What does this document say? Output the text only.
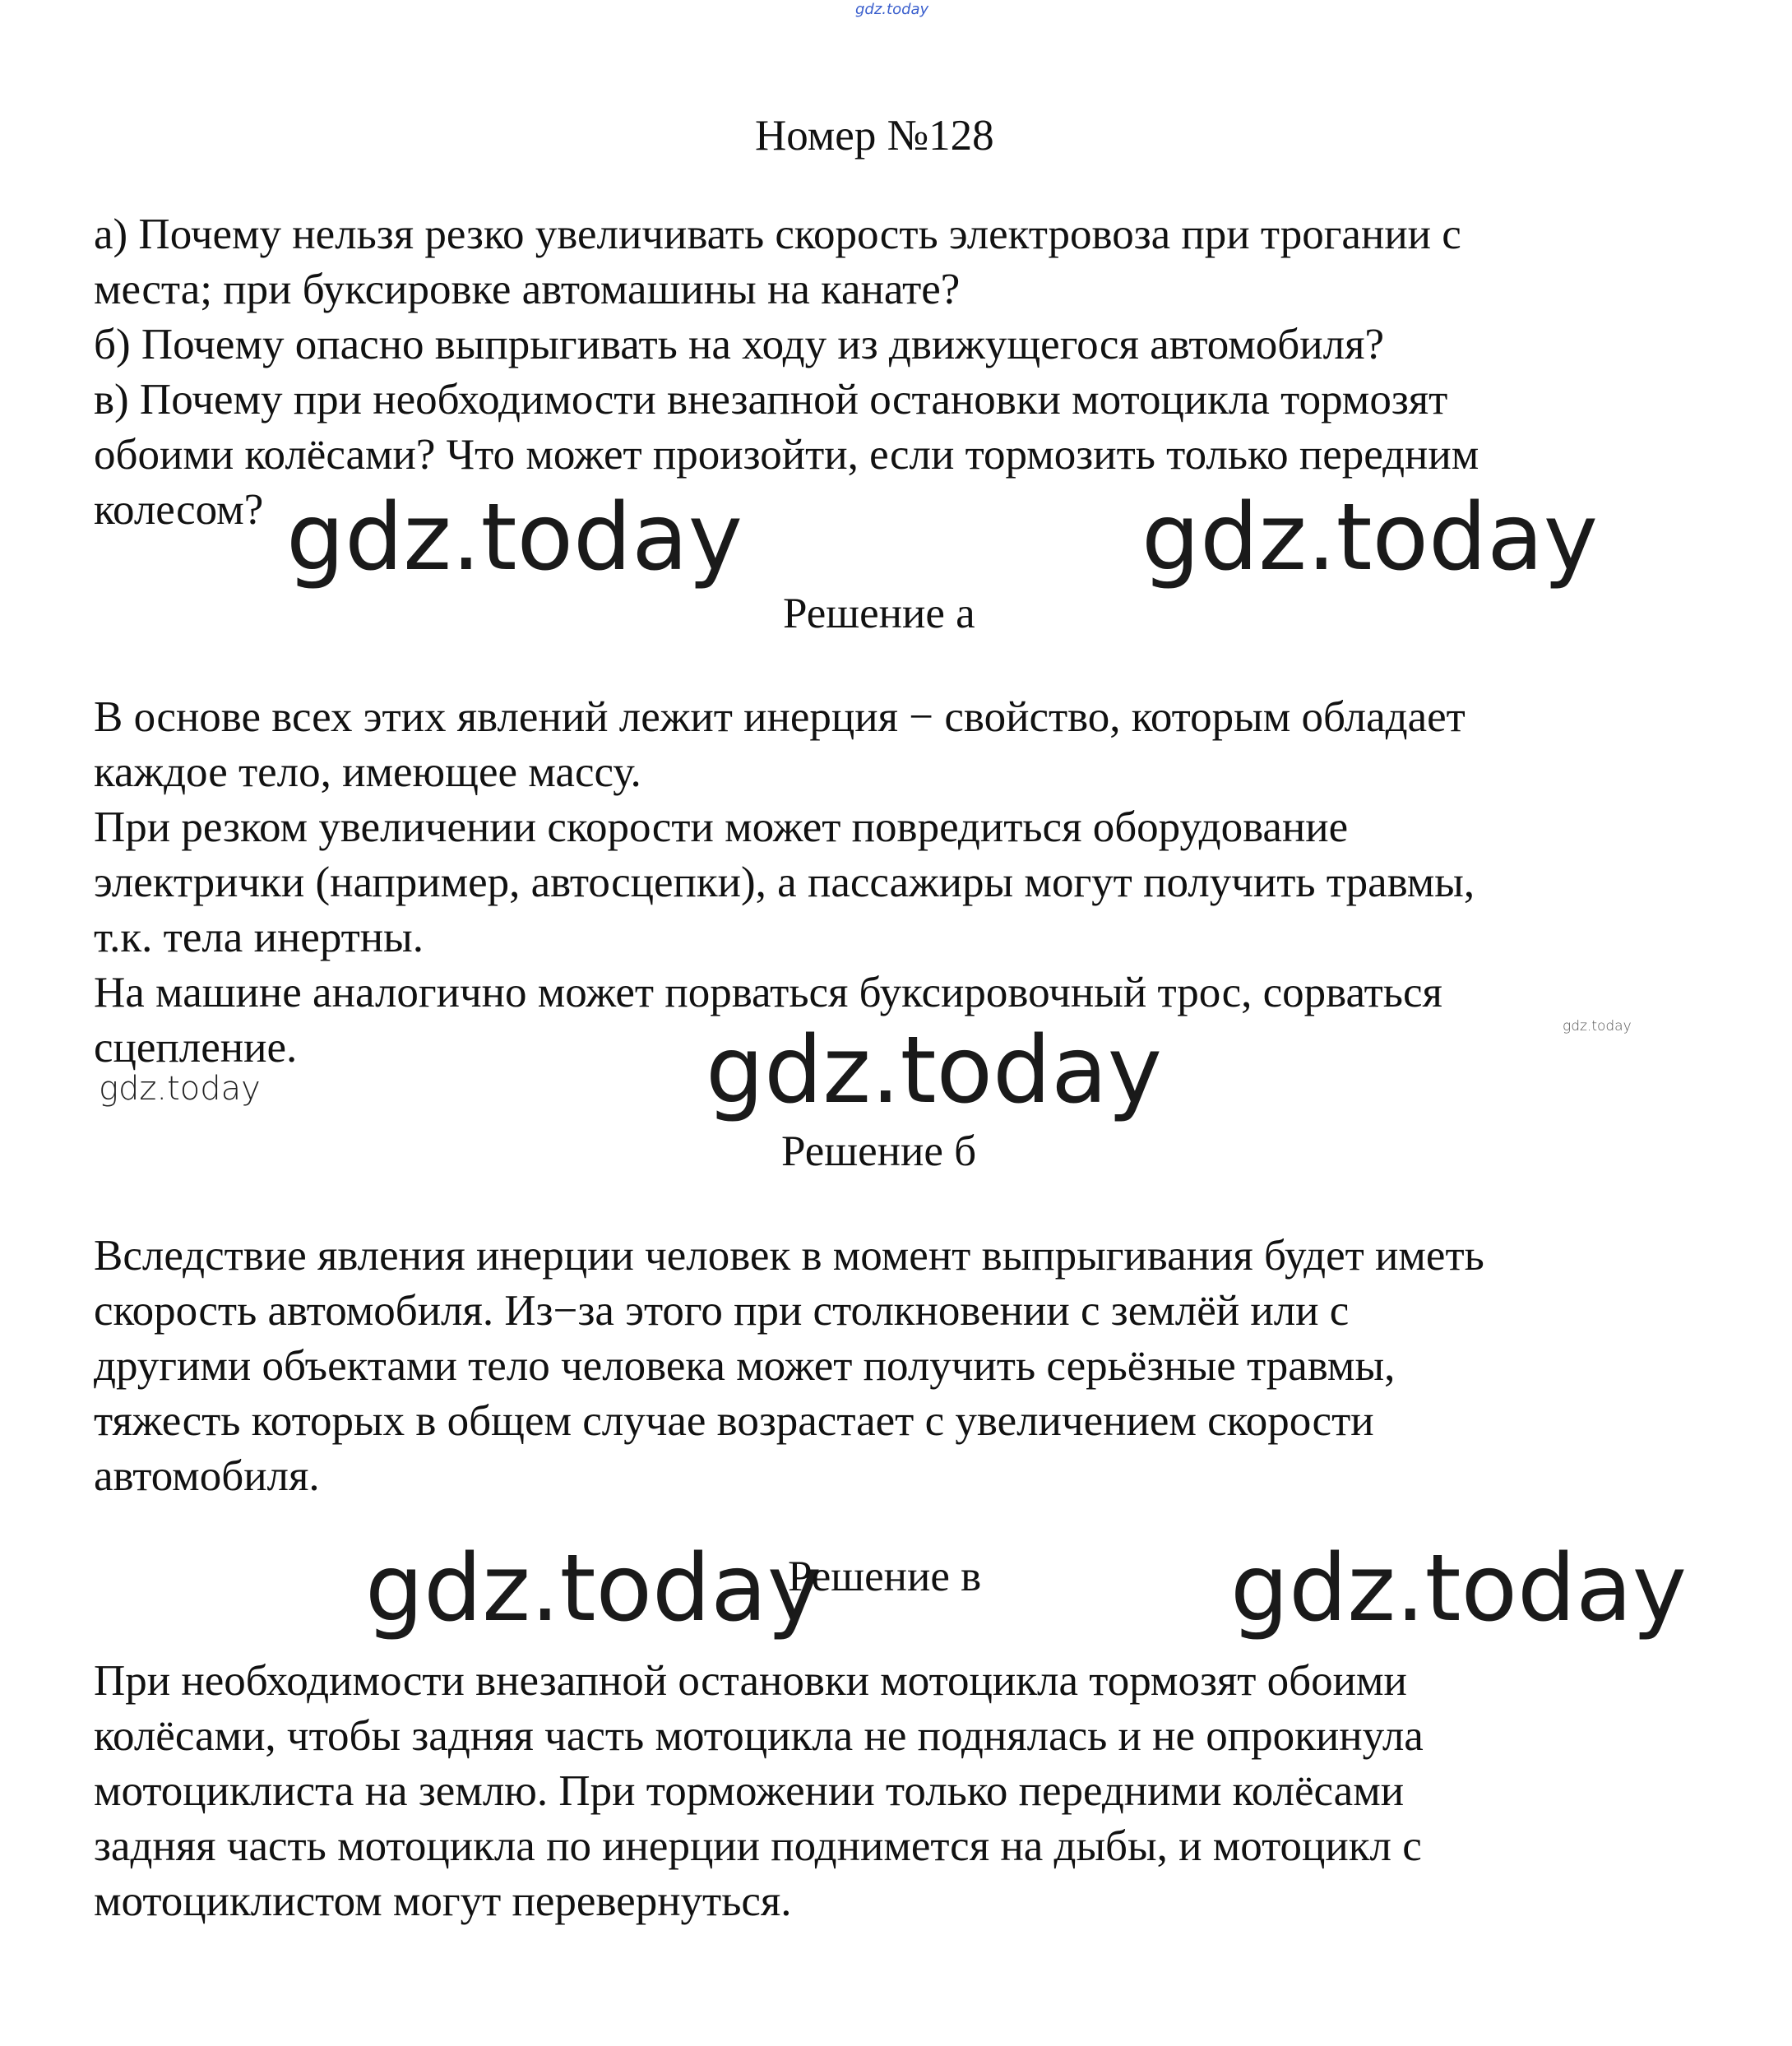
gdz.today
Номер №128

а) Почему нельзя резко увеличивать скорость электровоза при трогании с

места; при буксировке автомашины на канате?

б) Почему опасно выпрыгивать на ходу из движущегося автомобиля?

в) Почему при необходимости внезапной остановки мотоцикла тормозят

обоими колёсами? Что может произойти, если тормозить только передним

колесом? gdz.today	gdz.today
Решение а

В основе всех этих явлений лежит инерция − свойство, которым обладает

каждое тело, имеющее массу.

При резком увеличении скорости может повредиться оборудование

электрички (например, автосцепки), а пассажиры могут получить травмы,

т.к. тела инертны.

На машине аналогично может порваться буксировочный трос, сорваться

сцепление.	gdz.today
gdz.today
gdz.today
Решение б

Вследствие явления инерции человек в момент выпрыгивания будет иметь

скорость автомобиля. Из−за этого при столкновении с землёй или с

другими объектами тело человека может получить серьёзные травмы,

тяжесть которых в общем случае возрастает с увеличением скорости

автомобиля.

gdz.today
Решение в	gdz.today

При необходимости внезапной остановки мотоцикла тормозят обоими

колёсами, чтобы задняя часть мотоцикла не поднялась и не опрокинула

мотоциклиста на землю. При торможении только передними колёсами

задняя часть мотоцикла по инерции поднимется на дыбы, и мотоцикл с

мотоциклистом могут перевернуться.
